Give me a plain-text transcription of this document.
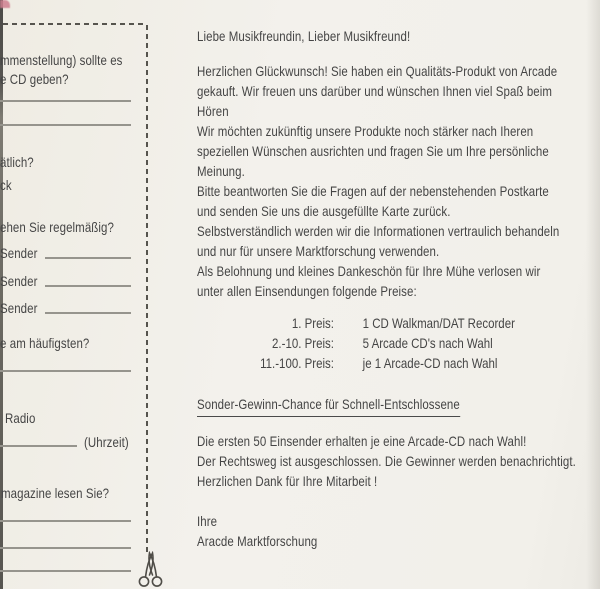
mmenstellung) sollte es
e CD geben?
ätlich?
ck
ehen Sie regelmäßig?
Sender
Sender
Sender
e am häufigsten?
Radio
(Uhrzeit)
magazine lesen Sie?
Liebe Musikfreundin, Lieber Musikfreund!
Herzlichen Glückwunsch! Sie haben ein Qualitäts-Produkt von Arcade
gekauft. Wir freuen uns darüber und wünschen Ihnen viel Spaß beim
Hören
Wir möchten zukünftig unsere Produkte noch stärker nach Iheren
speziellen Wünschen ausrichten und fragen Sie um Ihre persönliche
Meinung.
Bitte beantworten Sie die Fragen auf der nebenstehenden Postkarte
und senden Sie uns die ausgefüllte Karte zurück.
Selbstverständlich werden wir die Informationen vertraulich behandeln
und nur für unsere Marktforschung verwenden.
Als Belohnung und kleines Dankeschön für Ihre Mühe verlosen wir
unter allen Einsendungen folgende Preise:
1. Preis: 1 CD Walkman/DAT Recorder
2.-10. Preis: 5 Arcade CD's nach Wahl
11.-100. Preis: je 1 Arcade-CD nach Wahl
Sonder-Gewinn-Chance für Schnell-Entschlossene
Die ersten 50 Einsender erhalten je eine Arcade-CD nach Wahl!
Der Rechtsweg ist ausgeschlossen. Die Gewinner werden benachrichtigt.
Herzlichen Dank für Ihre Mitarbeit !
Ihre
Aracde Marktforschung
